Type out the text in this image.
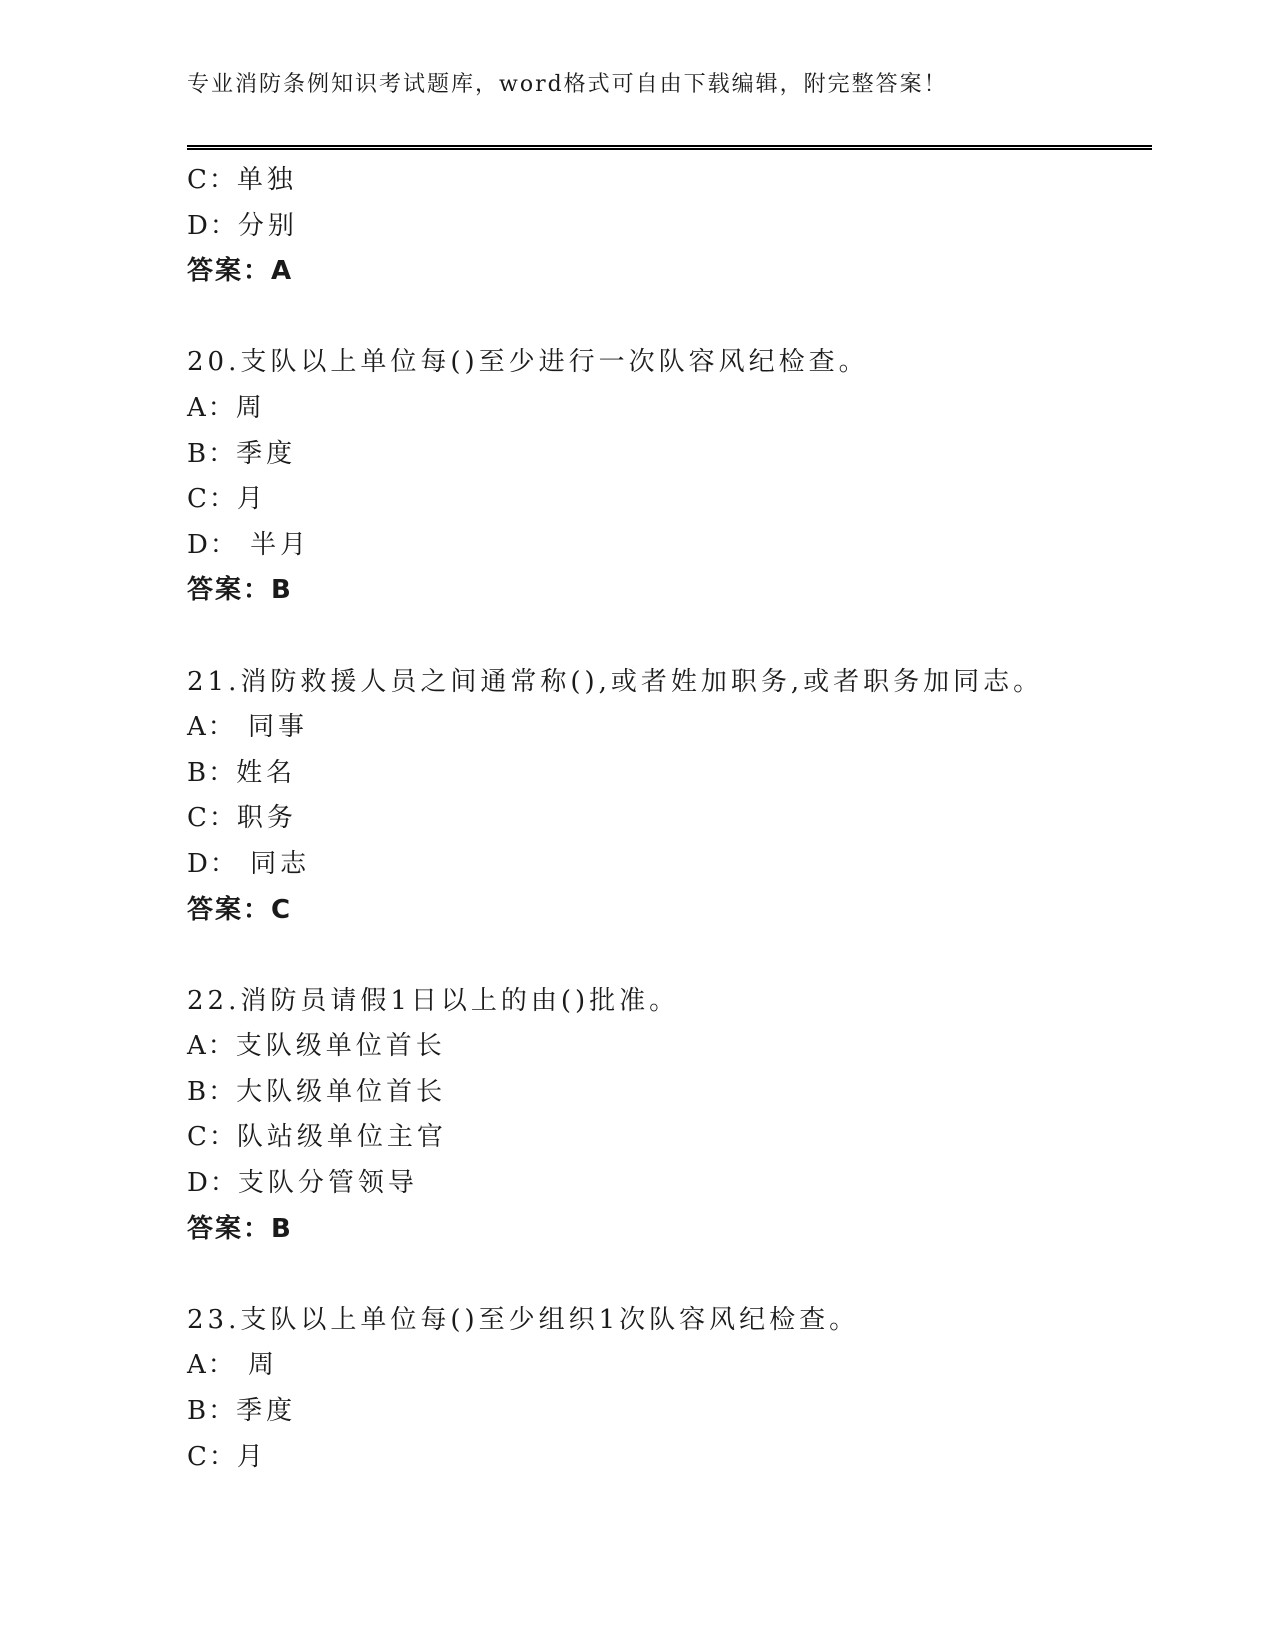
专业消防条例知识考试题库，word格式可自由下载编辑，附完整答案！
C：单独
D：分别
答案：A
20.支队以上单位每()至少进行一次队容风纪检查。
A：周
B：季度
C：月
D： 半月
答案：B
21.消防救援人员之间通常称(),或者姓加职务,或者职务加同志。
A： 同事
B：姓名
C：职务
D： 同志
答案：C
22.消防员请假1日以上的由()批准。
A：支队级单位首长
B：大队级单位首长
C：队站级单位主官
D：支队分管领导
答案：B
23.支队以上单位每()至少组织1次队容风纪检查。
A： 周
B：季度
C：月
